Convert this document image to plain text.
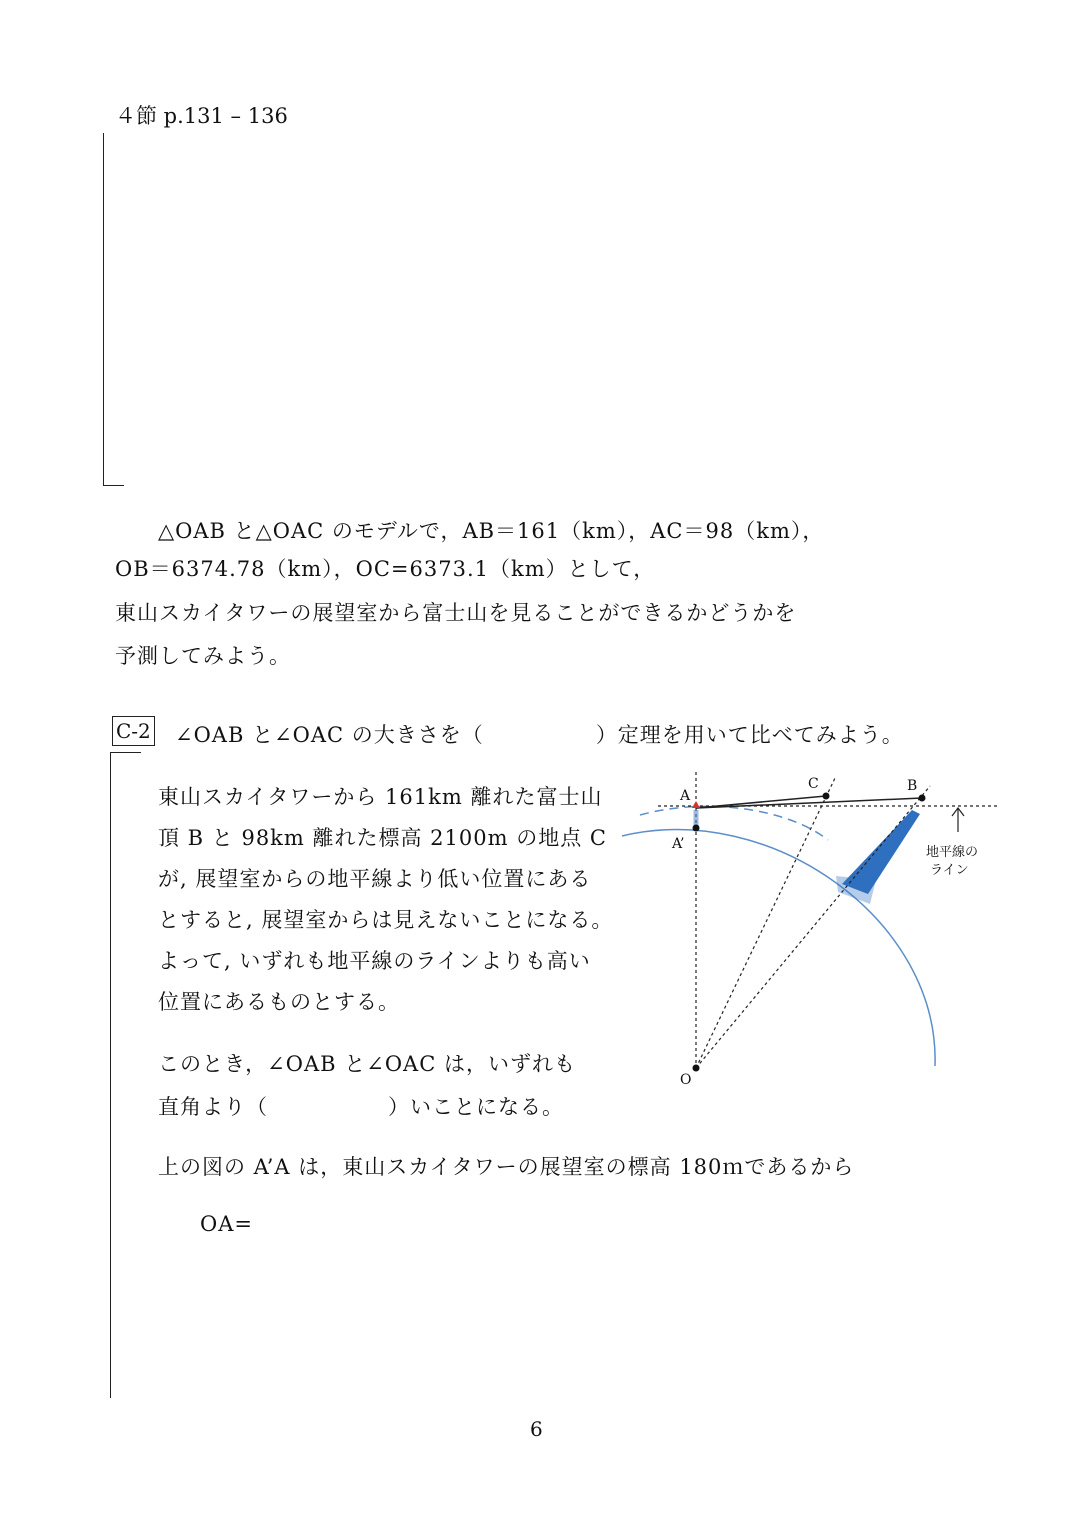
４節 p.131 – 136
△OAB と△OAC のモデルで，AB＝161（km），AC＝98（km），
OB＝6374.78（km），OC=6373.1（km）として，
東山スカイタワーの展望室から富士山を見ることができるかどうかを
予測してみよう。
C-2 ∠OAB と∠OAC の大きさを（	）定理を用いて比べてみよう。
東山スカイタワーから 161km 離れた富士山
頂 B と 98km 離れた標高 2100m の地点 C
が, 展望室からの地平線より低い位置にある
とすると, 展望室からは見えないことになる。
よって, いずれも地平線のラインよりも高い
位置にあるものとする。
このとき，∠OAB と∠OAC は，いずれも
直角より（	）いことになる。
上の図の A’A は，東山スカイタワーの展望室の標高 180ｍであるから
OA=
A
A’
C	B
O
地平線の
ライン
6
